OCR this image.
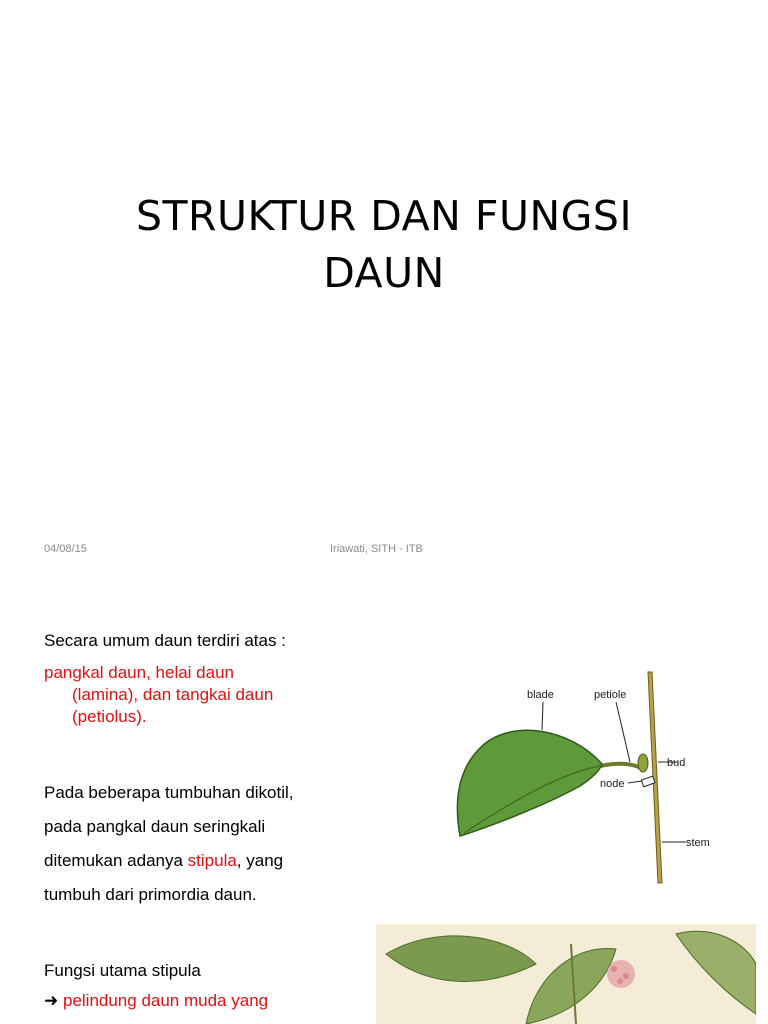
STRUKTUR DAN FUNGSI
DAUN
04/08/15	Iriawati, SITH - ITB
Secara umum daun terdiri atas :
pangkal daun, helai daun
(lamina), dan tangkai daun
(petiolus).
Pada beberapa tumbuhan dikotil,
pada pangkal daun seringkali
ditemukan adanya stipula, yang
tumbuh dari primordia daun.
Fungsi utama stipula
➜ pelindung daun muda yang
blade	petiole
bud
node
stem
